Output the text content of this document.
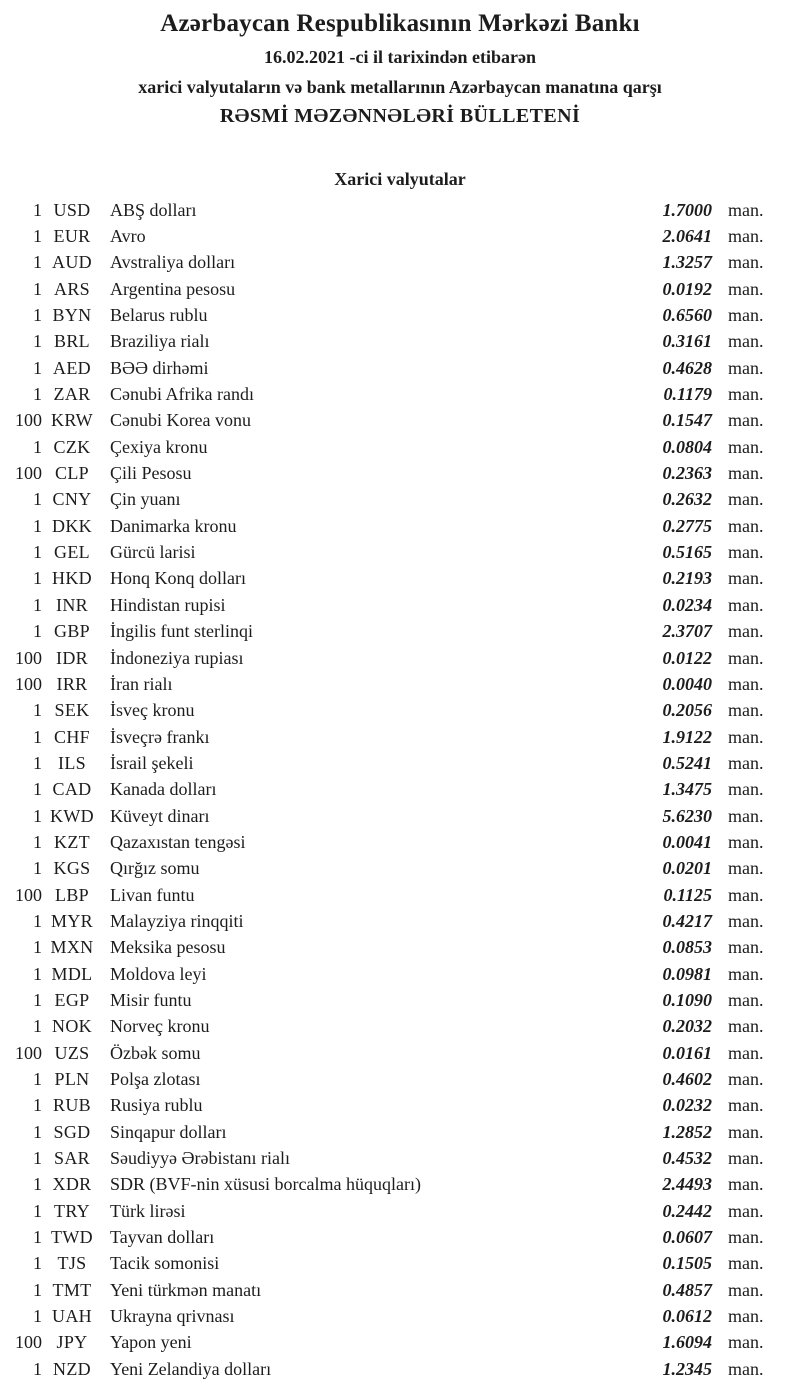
Azərbaycan Respublikasının Mərkəzi Bankı
16.02.2021 -ci il tarixindən etibarən
xarici valyutaların və bank metallarının Azərbaycan manatına qarşı
RƏSMİ MƏZƏNNƏLƏRİ BÜLLETENİ
Xarici valyutalar
1 USD	ABŞ dolları	1.7000 man.
1 EUR	Avro	2.0641 man.
1 AUD	Avstraliya dolları	1.3257 man.
1 ARS	Argentina pesosu	0.0192 man.
1 BYN	Belarus rublu	0.6560 man.
1 BRL	Braziliya rialı	0.3161 man.
1 AED	BƏƏ dirhəmi	0.4628 man.
1 ZAR	Cənubi Afrika randı	0.1179 man.
100 KRW Cənubi Korea vonu	0.1547 man.
1 CZK	Çexiya kronu	0.0804 man.
100 CLP	Çili Pesosu	0.2363 man.
1 CNY	Çin yuanı	0.2632 man.
1 DKK	Danimarka kronu	0.2775 man.
1 GEL	Gürcü larisi	0.5165 man.
1 HKD	Honq Konq dolları	0.2193 man.
1 INR	Hindistan rupisi	0.0234 man.
1 GBP	İngilis funt sterlinqi	2.3707 man.
100 IDR	İndoneziya rupiası	0.0122 man.
100 IRR	İran rialı	0.0040 man.
1 SEK	İsveç kronu	0.2056 man.
1 CHF	İsveçrə frankı	1.9122 man.
1 ILS	İsrail şekeli	0.5241 man.
1 CAD	Kanada dolları	1.3475 man.
1 KWD Küveyt dinarı	5.6230 man.
1 KZT	Qazaxıstan tengəsi	0.0041 man.
1 KGS	Qırğız somu	0.0201 man.
100 LBP	Livan funtu	0.1125 man.
1 MYR Malayziya rinqqiti	0.4217 man.
1 MXN Meksika pesosu	0.0853 man.
1 MDL Moldova leyi	0.0981 man.
1 EGP	Misir funtu	0.1090 man.
1 NOK	Norveç kronu	0.2032 man.
100 UZS	Özbək somu	0.0161 man.
1 PLN	Polşa zlotası	0.4602 man.
1 RUB	Rusiya rublu	0.0232 man.
1 SGD	Sinqapur dolları	1.2852 man.
1 SAR	Səudiyyə Ərəbistanı rialı	0.4532 man.
1 XDR	SDR (BVF-nin xüsusi borcalma hüquqları)	2.4493 man.
1 TRY	Türk lirəsi	0.2442 man.
1 TWD Tayvan dolları	0.0607 man.
1 TJS	Tacik somonisi	0.1505 man.
1 TMT	Yeni türkmən manatı	0.4857 man.
1 UAH	Ukrayna qrivnası	0.0612 man.
100 JPY	Yapon yeni	1.6094 man.
1 NZD	Yeni Zelandiya dolları	1.2345 man.
